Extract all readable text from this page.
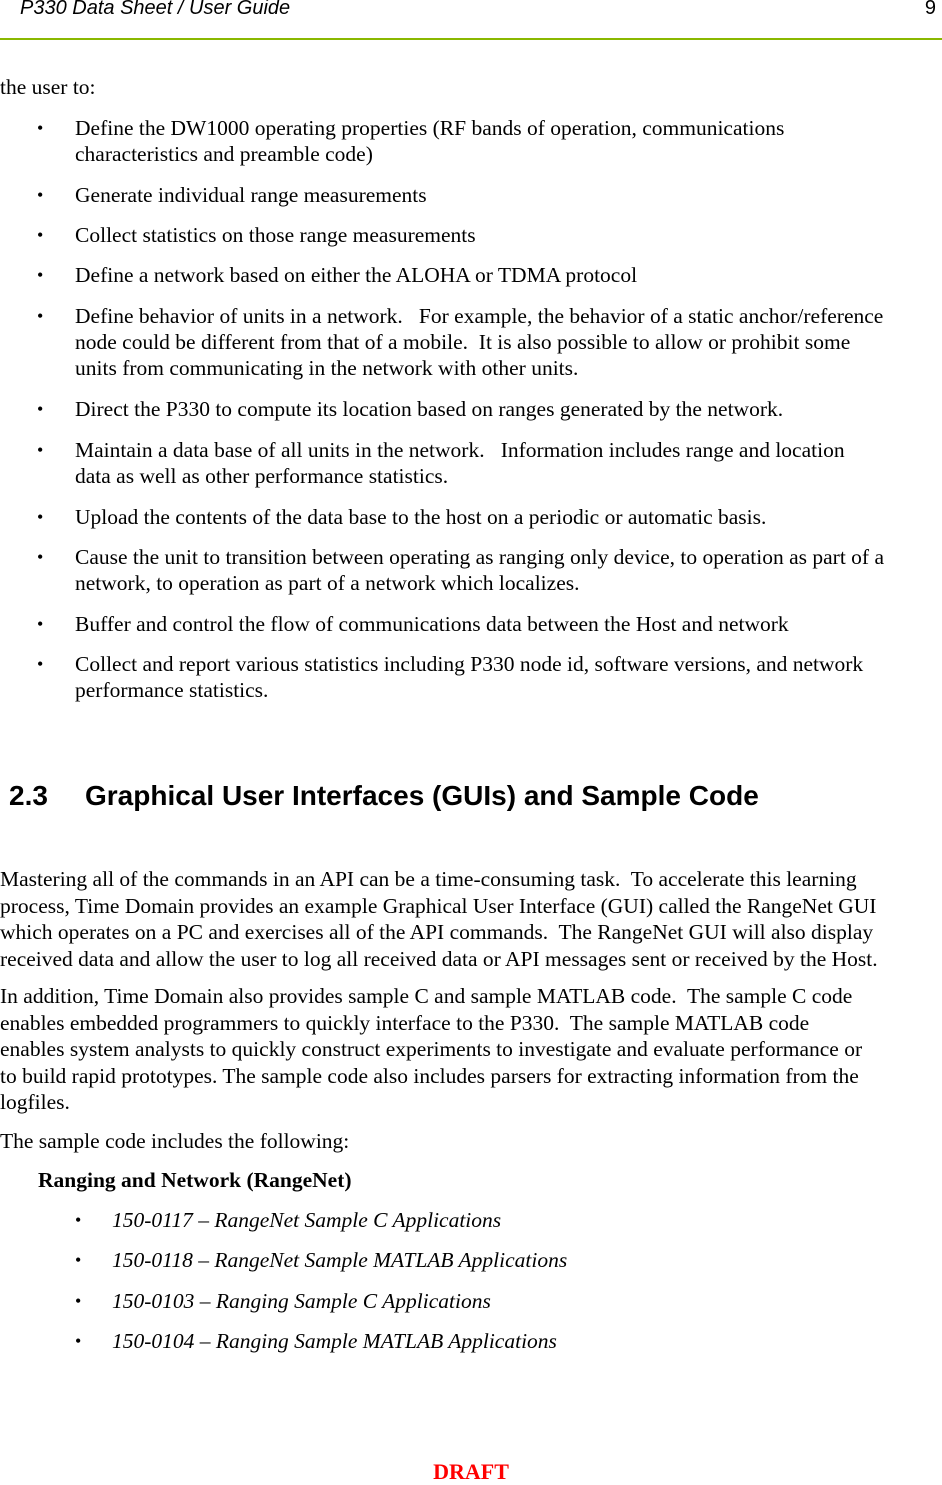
P330 Data Sheet / User Guide	9
the user to:
• Define the DW1000 operating properties (RF bands of operation, communications
characteristics and preamble code)
• Generate individual range measurements
• Collect statistics on those range measurements
• Define a network based on either the ALOHA or TDMA protocol
• Define behavior of units in a network.   For example, the behavior of a static anchor/reference
node could be different from that of a mobile.  It is also possible to allow or prohibit some
units from communicating in the network with other units.
• Direct the P330 to compute its location based on ranges generated by the network.
• Maintain a data base of all units in the network.   Information includes range and location
data as well as other performance statistics.
• Upload the contents of the data base to the host on a periodic or automatic basis.
• Cause the unit to transition between operating as ranging only device, to operation as part of a
network, to operation as part of a network which localizes.
• Buffer and control the flow of communications data between the Host and network
• Collect and report various statistics including P330 node id, software versions, and network
performance statistics.
Mastering all of the commands in an API can be a time-consuming task.  To accelerate this learning
process, Time Domain provides an example Graphical User Interface (GUI) called the RangeNet GUI
which operates on a PC and exercises all of the API commands.  The RangeNet GUI will also display
received data and allow the user to log all received data or API messages sent or received by the Host.
In addition, Time Domain also provides sample C and sample MATLAB code.  The sample C code
enables embedded programmers to quickly interface to the P330.  The sample MATLAB code
enables system analysts to quickly construct experiments to investigate and evaluate performance or
to build rapid prototypes. The sample code also includes parsers for extracting information from the
logfiles.
The sample code includes the following:
Ranging and Network (RangeNet)
• 150-0117 – RangeNet Sample C Applications
• 150-0118 – RangeNet Sample MATLAB Applications
• 150-0103 – Ranging Sample C Applications
• 150-0104 – Ranging Sample MATLAB Applications
2.3 Graphical User Interfaces (GUIs) and Sample Code
DRAFT
